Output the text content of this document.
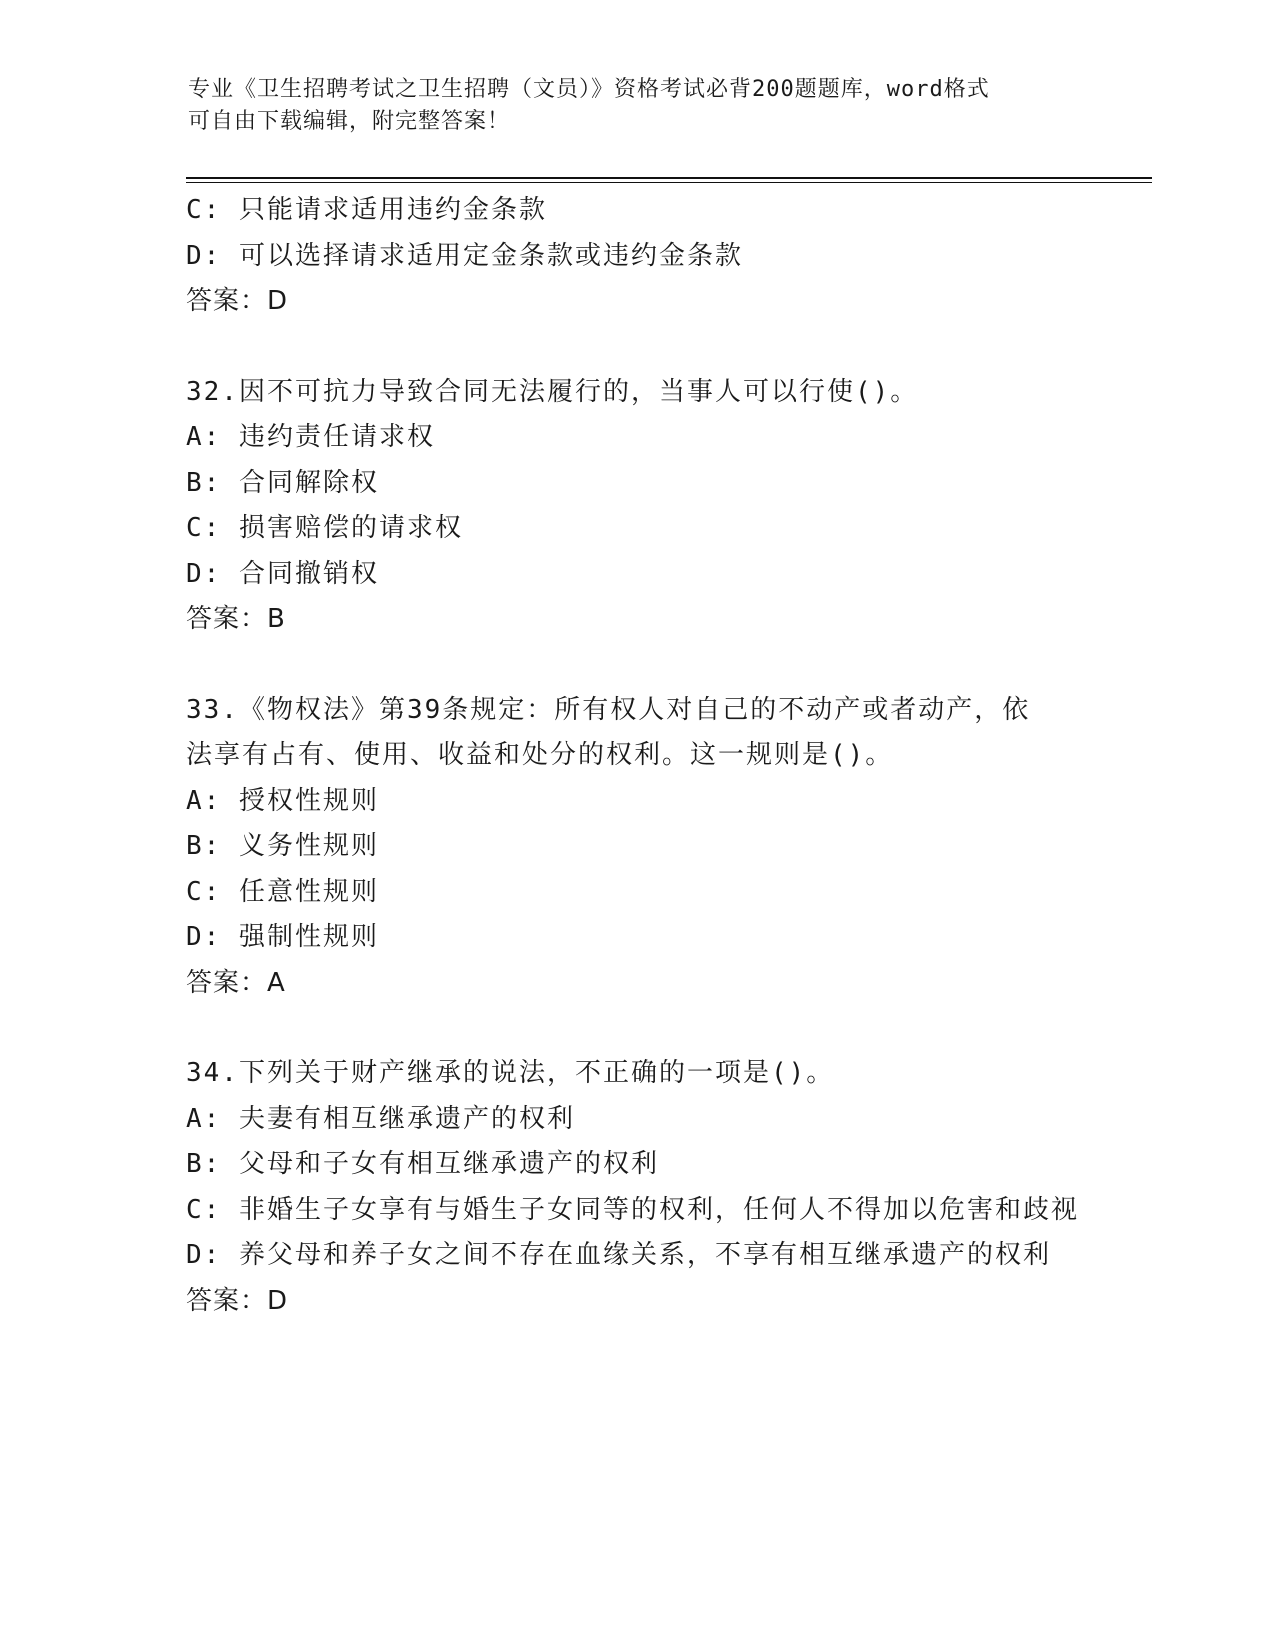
专业《卫生招聘考试之卫生招聘（文员）》资格考试必背200题题库，word格式
可自由下载编辑，附完整答案！
C: 只能请求适用违约金条款
D: 可以选择请求适用定金条款或违约金条款
答案：D
32.因不可抗力导致合同无法履行的，当事人可以行使()。
A: 违约责任请求权
B: 合同解除权
C: 损害赔偿的请求权
D: 合同撤销权
答案：B
33.《物权法》第39条规定：所有权人对自己的不动产或者动产，依
法享有占有、使用、收益和处分的权利。这一规则是()。
A: 授权性规则
B: 义务性规则
C: 任意性规则
D: 强制性规则
答案：A
34.下列关于财产继承的说法，不正确的一项是()。
A: 夫妻有相互继承遗产的权利
B: 父母和子女有相互继承遗产的权利
C: 非婚生子女享有与婚生子女同等的权利，任何人不得加以危害和歧视
D: 养父母和养子女之间不存在血缘关系，不享有相互继承遗产的权利
答案：D
